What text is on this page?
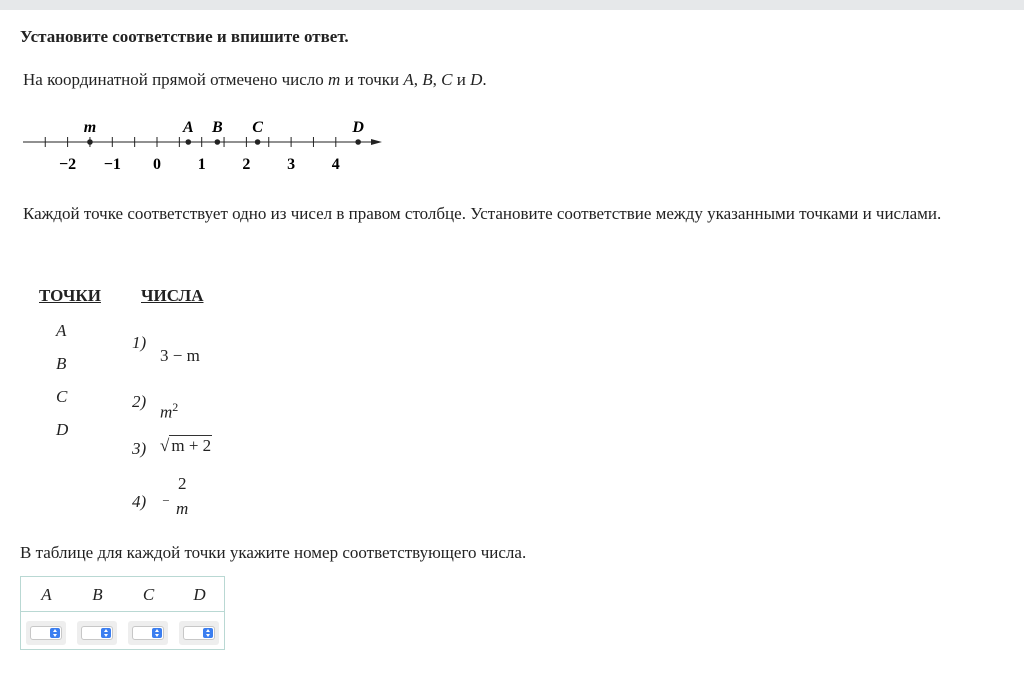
Установите соответствие и впишите ответ.
На координатной прямой отмечено число m и точки A, B, C и D.
−2 −1 0 1 2 3 4
m	A B C	D
Каждой точке соответствует одно из чисел в правом столбце. Установите соответствие между указанными точками и числами.
ТОЧКИ ЧИСЛА
A
B
C
D
1)
3 − m
2)
$m^2$
3) √ m + 2
4)
2
− m
В таблице для каждой точки укажите номер соответствующего числа.
A	B	C	D
